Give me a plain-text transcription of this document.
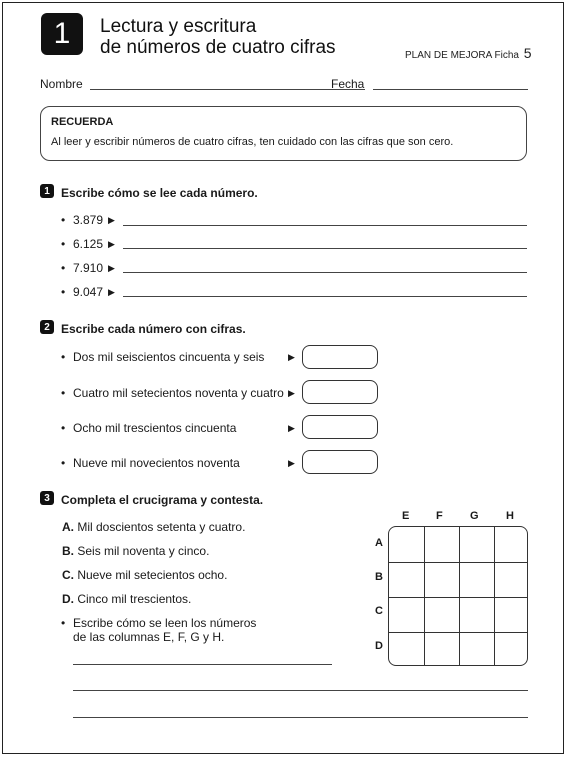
1	Lectura y escritura
de números de cuatro cifras	PLAN DE MEJORA Ficha 5
Nombre	Fecha
RECUERDA
Al leer y escribir números de cuatro cifras, ten cuidado con las cifras que son cero.
1 Escribe cómo se lee cada número.
• 3.879 ▶
• 6.125 ▶
• 7.910 ▶
• 9.047 ▶
2 Escribe cada número con cifras.
• Dos mil seiscientos cincuenta y seis	▶
• Cuatro mil setecientos noventa y cuatro ▶
• Ocho mil trescientos cincuenta	▶
• Nueve mil novecientos noventa	▶
3 Completa el crucigrama y contesta.
A. Mil doscientos setenta y cuatro.
B. Seis mil noventa y cinco.
C. Nueve mil setecientos ocho.
D. Cinco mil trescientos.
• Escribe cómo se leen los números
de las columnas E, F, G y H.
E F G H
A
B
C
D
